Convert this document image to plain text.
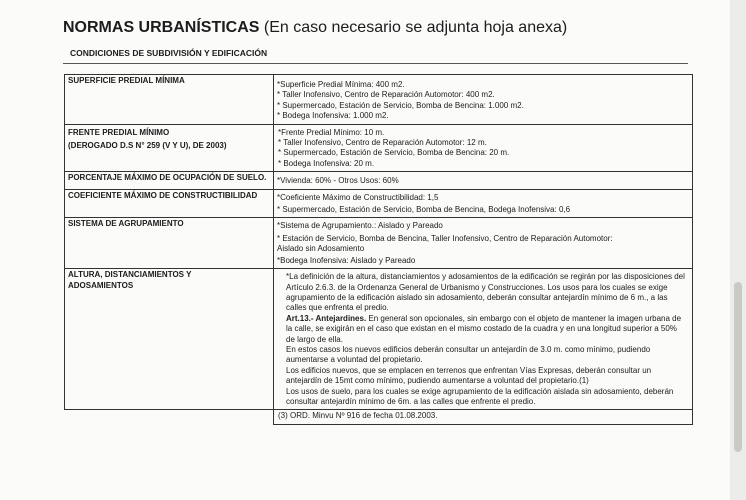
NORMAS URBANÍSTICAS (En caso necesario se adjunta hoja anexa)
CONDICIONES DE SUBDIVISIÓN Y EDIFICACIÓN
SUPERFICIE PREDIAL MÍNIMA	*Superficie Predial Mínima: 400 m2.
* Taller Inofensivo, Centro de Reparación Automotor: 400 m2.
* Supermercado, Estación de Servicio, Bomba de Bencina: 1.000 m2.
* Bodega Inofensiva: 1.000 m2.

FRENTE PREDIAL MÍNIMO
(DEROGADO D.S N° 259 (V Y U), DE 2003)	*Frente Predial Mínimo: 10 m.
* Taller Inofensivo, Centro de Reparación Automotor: 12 m.
* Supermercado, Estación de Servicio, Bomba de Bencina: 20 m.
* Bodega Inofensiva: 20 m.

PORCENTAJE MÁXIMO DE OCUPACIÓN DE SUELO.	*Vivienda: 60% - Otros Usos: 60%

COEFICIENTE MÁXIMO DE CONSTRUCTIBILIDAD	*Coeficiente Máximo de Constructibilidad: 1,5
* Supermercado, Estación de Servicio, Bomba de Bencina, Bodega Inofensiva: 0,6

SISTEMA DE AGRUPAMIENTO	*Sistema de Agrupamiento.: Aislado y Pareado
* Estación de Servicio, Bomba de Bencina, Taller Inofensivo, Centro de Reparación Automotor:
Aislado sin Adosamiento
*Bodega Inofensiva: Aislado y Pareado

ALTURA, DISTANCIAMIENTOS Y ADOSAMIENTOS	*La definición de la altura, distanciamientos y adosamientos de la edificación se regirán por las disposiciones del Artículo 2.6.3. de la Ordenanza General de Urbanismo y Construcciones. Los usos para los cuales se exige agrupamiento de la edificación aislado sin adosamiento, deberán consultar antejardín mínimo de 6 m., a las calles que enfrenta el predio.
Art.13.- Antejardines. En general son opcionales, sin embargo con el objeto de mantener la imagen urbana de la calle, se exigirán en el caso que existan en el mismo costado de la cuadra y en una longitud superior a 50% de largo de ella.
En estos casos los nuevos edificios deberán consultar un antejardín de 3.0 m. como mínimo, pudiendo aumentarse a voluntad del propietario.
Los edificios nuevos, que se emplacen en terrenos que enfrentan Vías Expresas, deberán consultar un antejardín de 15mt como mínimo, pudiendo aumentarse a voluntad del propietario.(1)
Los usos de suelo, para los cuales se exige agrupamiento de la edificación aislada sin adosamiento, deberán consultar antejardín mínimo de 6m. a las calles que enfrente el predio.

	(3) ORD. Minvu Nº 916 de fecha 01.08.2003.
